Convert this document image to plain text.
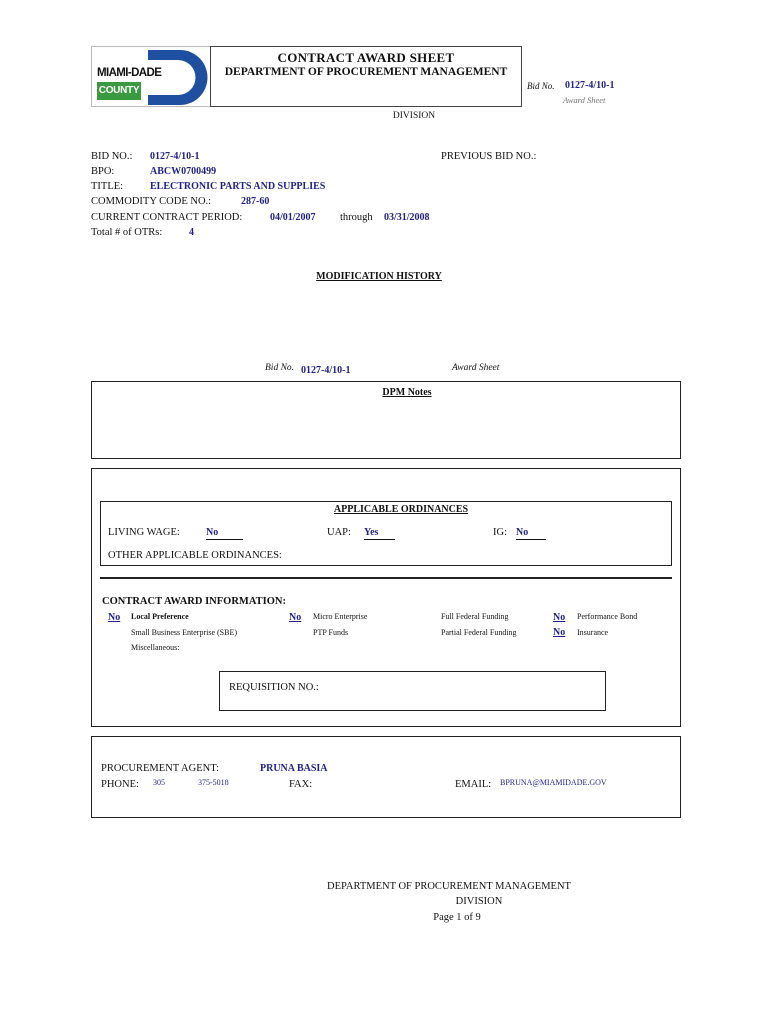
MIAMI-DADE
COUNTY
CONTRACT AWARD SHEET
DEPARTMENT OF PROCUREMENT MANAGEMENT
Bid No. 0127-4/10-1
Award Sheet
DIVISION
BID NO.: 0127-4/10-1	PREVIOUS BID NO.:
BPO:	ABCW0700499
TITLE:	ELECTRONIC PARTS AND SUPPLIES
COMMODITY CODE NO.:	287-60
CURRENT CONTRACT PERIOD:	04/01/2007 through 03/31/2008
Total # of OTRs:	4
MODIFICATION HISTORY
Bid No. 0127-4/10-1	Award Sheet
DPM Notes
APPLICABLE ORDINANCES
LIVING WAGE:	No	UAP: Yes	IG: No
OTHER APPLICABLE ORDINANCES:
CONTRACT AWARD INFORMATION:
No Local Preference	No Micro Enterprise	Full Federal Funding	No Performance Bond
Small Business Enterprise (SBE)	PTP Funds	Partial Federal Funding	No Insurance
Miscellaneous:
REQUISITION NO.:
PROCUREMENT AGENT:	PRUNA BASIA
PHONE: 305	375-5018	FAX:	EMAIL: BPRUNA@MIAMIDADE.GOV
DEPARTMENT OF PROCUREMENT MANAGEMENT
DIVISION
Page 1 of 9
